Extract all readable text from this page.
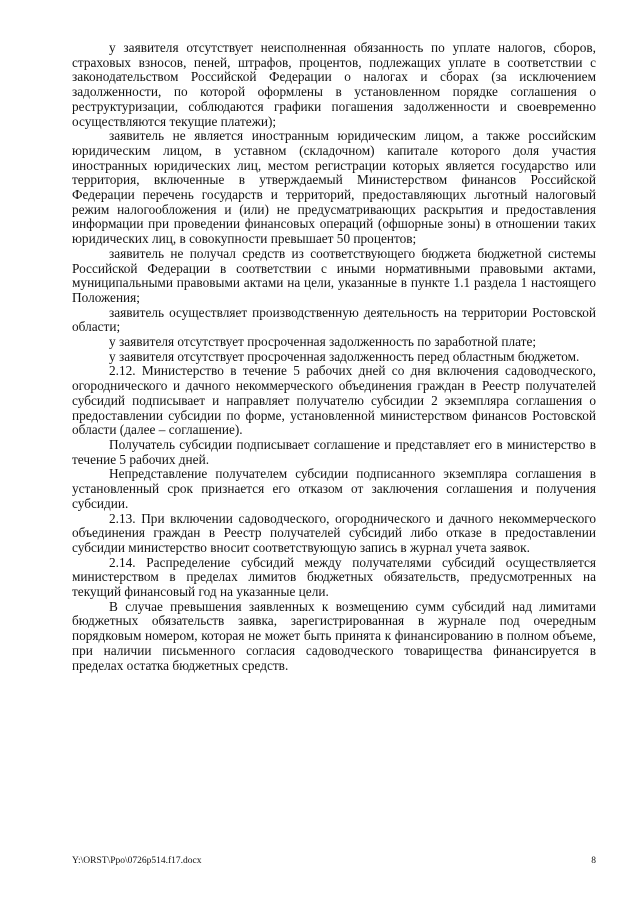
у заявителя отсутствует неисполненная обязанность по уплате налогов, сборов, страховых взносов, пеней, штрафов, процентов, подлежащих уплате в соответствии с законодательством Российской Федерации о налогах и сборах (за исключением задолженности, по которой оформлены в установленном порядке соглашения о реструктуризации, соблюдаются графики погашения задолженности и своевременно осуществляются текущие платежи);

заявитель не является иностранным юридическим лицом, а также российским юридическим лицом, в уставном (складочном) капитале которого доля участия иностранных юридических лиц, местом регистрации которых является государство или территория, включенные в утверждаемый Министерством финансов Российской Федерации перечень государств и территорий, предоставляющих льготный налоговый режим налогообложения и (или) не предусматривающих раскрытия и предоставления информации при проведении финансовых операций (офшорные зоны) в отношении таких юридических лиц, в совокупности превышает 50 процентов;

заявитель не получал средств из соответствующего бюджета бюджетной системы Российской Федерации в соответствии с иными нормативными правовыми актами, муниципальными правовыми актами на цели, указанные в пункте 1.1 раздела 1 настоящего Положения;

заявитель осуществляет производственную деятельность на территории Ростовской области;

у заявителя отсутствует просроченная задолженность по заработной плате;

у заявителя отсутствует просроченная задолженность перед областным бюджетом.

2.12. Министерство в течение 5 рабочих дней со дня включения садоводческого, огороднического и дачного некоммерческого объединения граждан в Реестр получателей субсидий подписывает и направляет получателю субсидии 2 экземпляра соглашения о предоставлении субсидии по форме, установленной министерством финансов Ростовской области (далее – соглашение).

Получатель субсидии подписывает соглашение и представляет его в министерство в течение 5 рабочих дней.

Непредставление получателем субсидии подписанного экземпляра соглашения в установленный срок признается его отказом от заключения соглашения и получения субсидии.

2.13. При включении садоводческого, огороднического и дачного некоммерческого объединения граждан в Реестр получателей субсидий либо отказе в предоставлении субсидии министерство вносит соответствующую запись в журнал учета заявок.

2.14. Распределение субсидий между получателями субсидий осуществляется министерством в пределах лимитов бюджетных обязательств, предусмотренных на текущий финансовый год на указанные цели.

В случае превышения заявленных к возмещению сумм субсидий над лимитами бюджетных обязательств заявка, зарегистрированная в журнале под очередным порядковым номером, которая не может быть принята к финансированию в полном объеме, при наличии письменного согласия садоводческого товарищества финансируется в пределах остатка бюджетных средств.

Y:\ORST\Ppo\0726p514.f17.docx	8
